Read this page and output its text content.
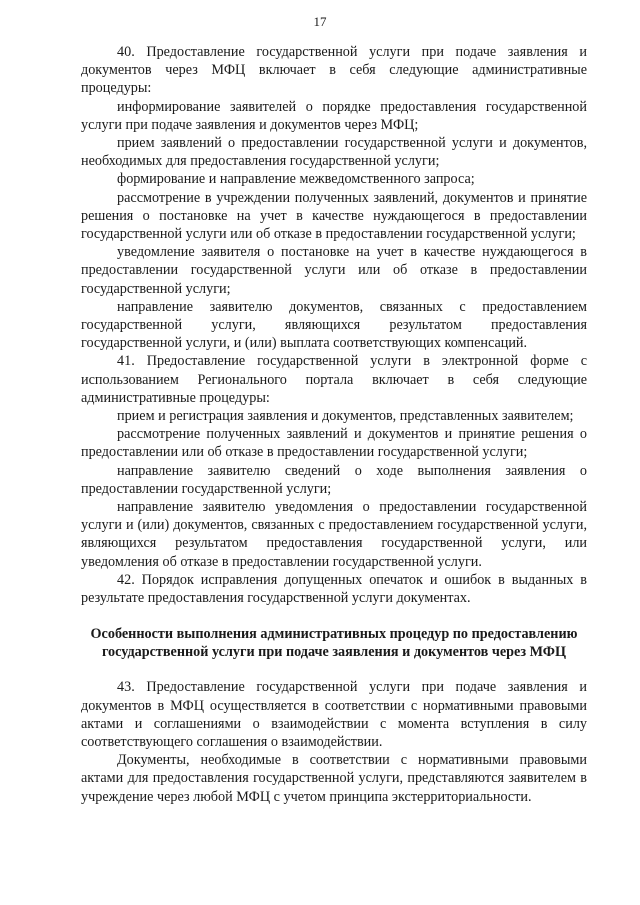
17

40. Предоставление государственной услуги при подаче заявления и документов через МФЦ включает в себя следующие административные процедуры:

информирование заявителей о порядке предоставления государственной услуги при подаче заявления и документов через МФЦ;

прием заявлений о предоставлении государственной услуги и документов, необходимых для предоставления государственной услуги;

формирование и направление межведомственного запроса;

рассмотрение в учреждении полученных заявлений, документов и принятие решения о постановке на учет в качестве нуждающегося в предоставлении государственной услуги или об отказе в предоставлении государственной услуги;

уведомление заявителя о постановке на учет в качестве нуждающегося в предоставлении государственной услуги или об отказе в предоставлении государственной услуги;

направление заявителю документов, связанных с предоставлением государственной услуги, являющихся результатом предоставления государственной услуги, и (или) выплата соответствующих компенсаций.

41. Предоставление государственной услуги в электронной форме с использованием Регионального портала включает в себя следующие административные процедуры:

прием и регистрация заявления и документов, представленных заявителем;

рассмотрение полученных заявлений и документов и принятие решения о предоставлении или об отказе в предоставлении государственной услуги;

направление заявителю сведений о ходе выполнения заявления о предоставлении государственной услуги;

направление заявителю уведомления о предоставлении государственной услуги и (или) документов, связанных с предоставлением государственной услуги, являющихся результатом предоставления государственной услуги, или уведомления об отказе в предоставлении государственной услуги.

42. Порядок исправления допущенных опечаток и ошибок в выданных в результате предоставления государственной услуги документах.

Особенности выполнения административных процедур по предоставлению государственной услуги при подаче заявления и документов через МФЦ

43. Предоставление государственной услуги при подаче заявления и документов в МФЦ осуществляется в соответствии с нормативными правовыми актами и соглашениями о взаимодействии с момента вступления в силу соответствующего соглашения о взаимодействии.

Документы, необходимые в соответствии с нормативными правовыми актами для предоставления государственной услуги, представляются заявителем в учреждение через любой МФЦ с учетом принципа экстерриториальности.
